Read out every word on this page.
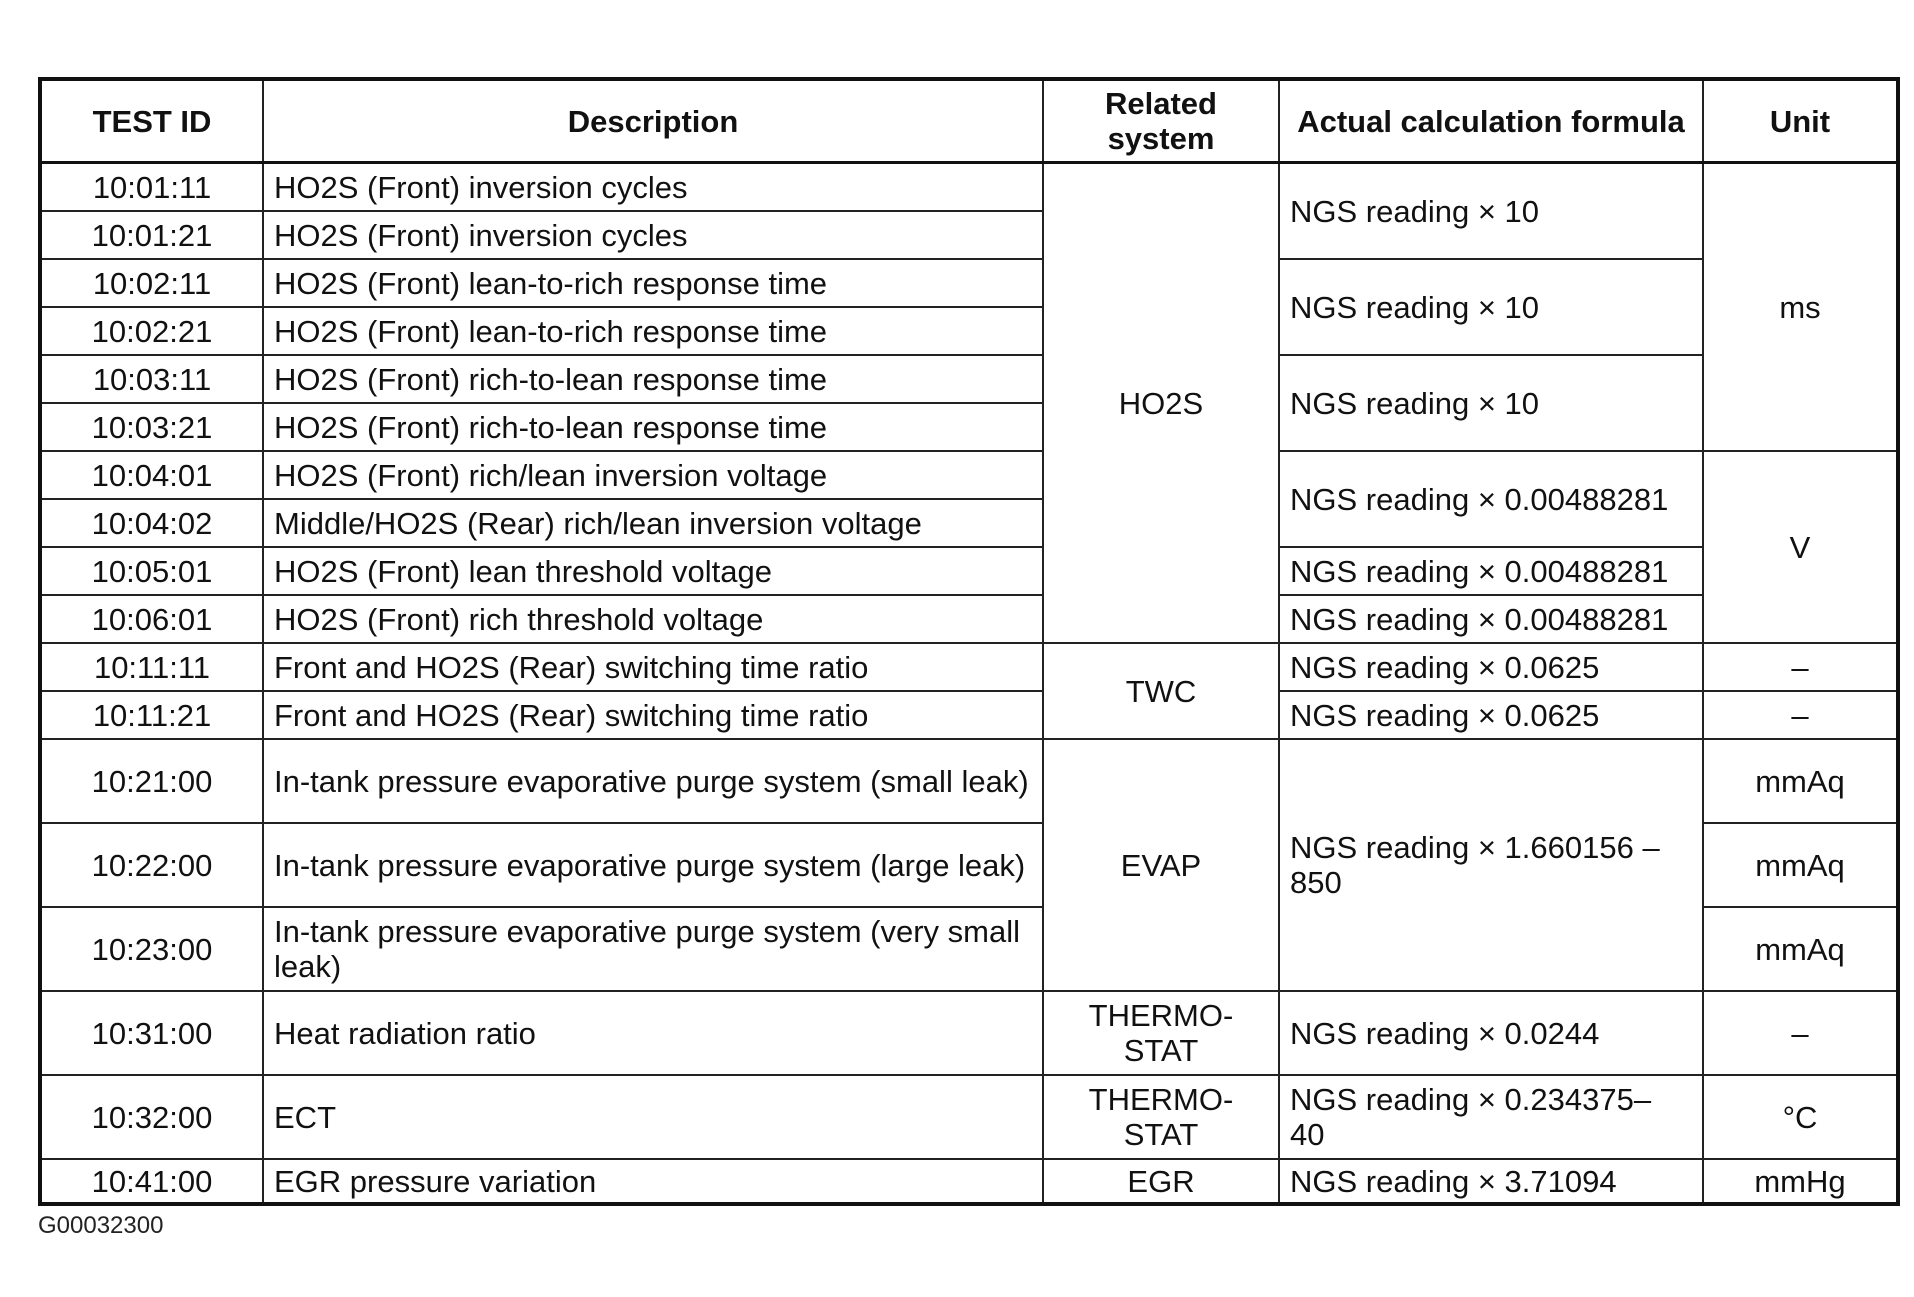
TEST ID	Description	Related system	Actual calculation formula	Unit
10:01:11	HO2S (Front) inversion cycles	HO2S	NGS reading × 10	ms
10:01:21	HO2S (Front) inversion cycles			
10:02:11	HO2S (Front) lean-to-rich response time		NGS reading × 10	
10:02:21	HO2S (Front) lean-to-rich response time			
10:03:11	HO2S (Front) rich-to-lean response time		NGS reading × 10	
10:03:21	HO2S (Front) rich-to-lean response time			
10:04:01	HO2S (Front) rich/lean inversion voltage		NGS reading × 0.00488281	V
10:04:02	Middle/HO2S (Rear) rich/lean inversion voltage			
10:05:01	HO2S (Front) lean threshold voltage		NGS reading × 0.00488281	
10:06:01	HO2S (Front) rich threshold voltage		NGS reading × 0.00488281	
10:11:11	Front and HO2S (Rear) switching time ratio	TWC	NGS reading × 0.0625	–
10:11:21	Front and HO2S (Rear) switching time ratio		NGS reading × 0.0625	–
10:21:00	In-tank pressure evaporative purge system (small leak)	EVAP	NGS reading × 1.660156 – 850	mmAq
10:22:00	In-tank pressure evaporative purge system (large leak)			mmAq
10:23:00	In-tank pressure evaporative purge system (very small leak)			mmAq
10:31:00	Heat radiation ratio	THERMO-STAT	NGS reading × 0.0244	–
10:32:00	ECT	THERMO-STAT	NGS reading × 0.234375– 40	°C
10:41:00	EGR pressure variation	EGR	NGS reading × 3.71094	mmHg
G00032300
